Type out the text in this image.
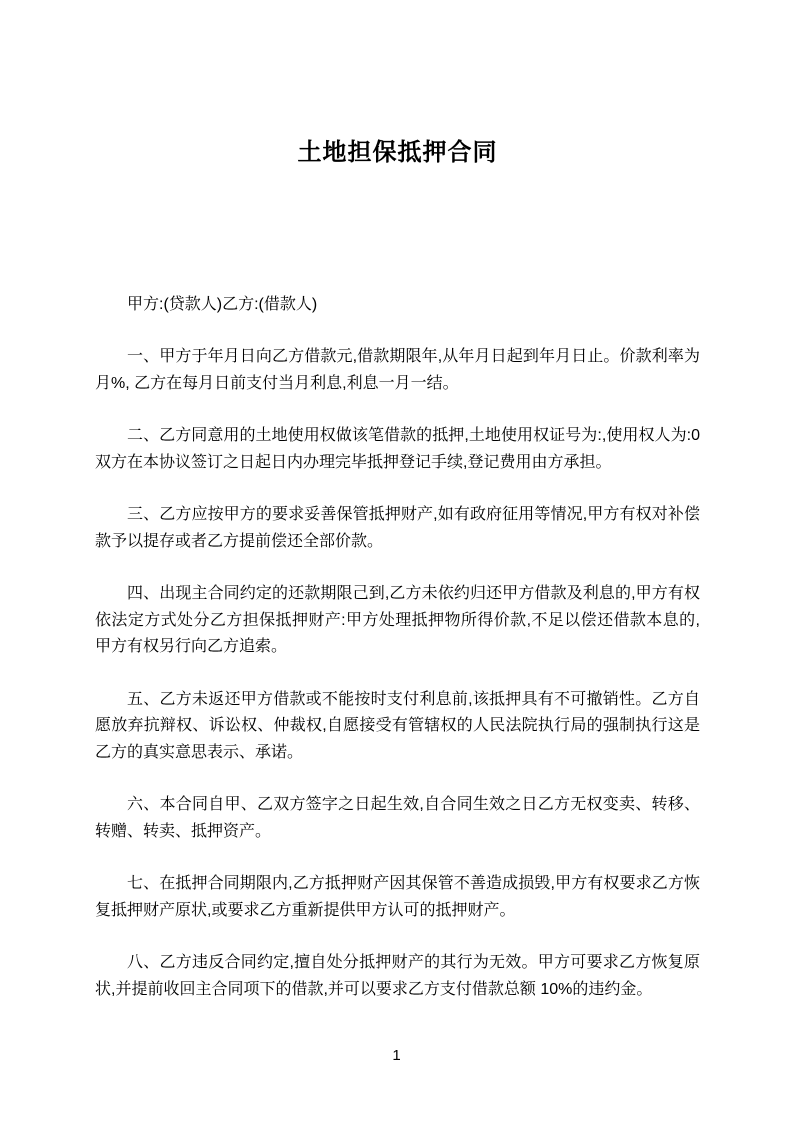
土地担保抵押合同

甲方:(贷款人)乙方:(借款人)

一、甲方于年月日向乙方借款元,借款期限年,从年月日起到年月日止。价款利率为月%, 乙方在每月日前支付当月利息,利息一月一结。

二、乙方同意用的土地使用权做该笔借款的抵押,土地使用权证号为:,使用权人为:0 双方在本协议签订之日起日内办理完毕抵押登记手续,登记费用由方承担。

三、乙方应按甲方的要求妥善保管抵押财产,如有政府征用等情况,甲方有权对补偿款予以提存或者乙方提前偿还全部价款。

四、出现主合同约定的还款期限己到,乙方未依约归还甲方借款及利息的,甲方有权依法定方式处分乙方担保抵押财产:甲方处理抵押物所得价款,不足以偿还借款本息的,甲方有权另行向乙方追索。

五、乙方未返还甲方借款或不能按时支付利息前,该抵押具有不可撤销性。乙方自愿放弃抗辩权、诉讼权、仲裁权,自愿接受有管辖权的人民法院执行局的强制执行这是乙方的真实意思表示、承诺。

六、本合同自甲、乙双方签字之日起生效,自合同生效之日乙方无权变卖、转移、转赠、转卖、抵押资产。

七、在抵押合同期限内,乙方抵押财产因其保管不善造成损毁,甲方有权要求乙方恢复抵押财产原状,或要求乙方重新提供甲方认可的抵押财产。

八、乙方违反合同约定,擅自处分抵押财产的其行为无效。甲方可要求乙方恢复原状,并提前收回主合同项下的借款,并可以要求乙方支付借款总额 10%的违约金。

1
